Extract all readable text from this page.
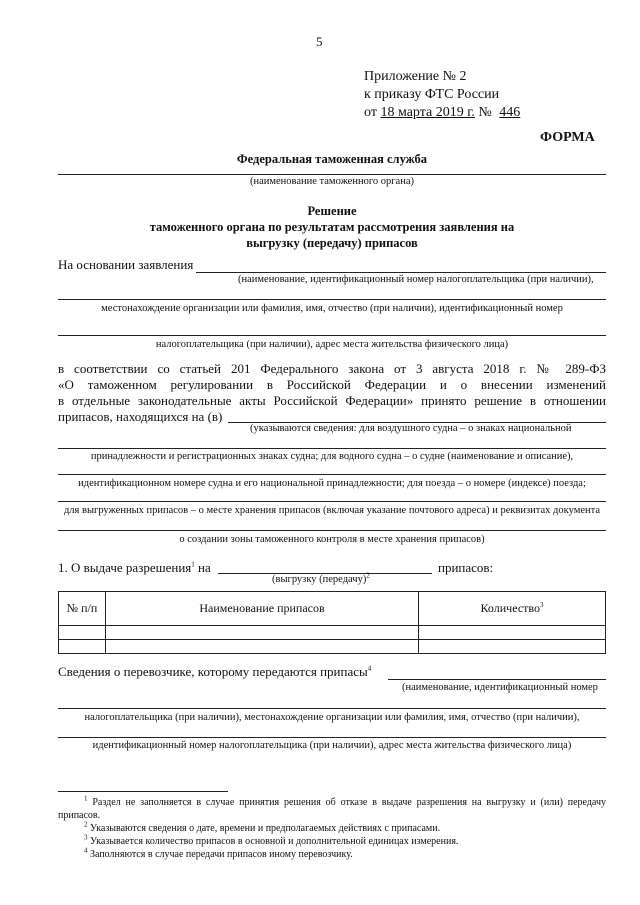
5
Приложение № 2
к приказу ФТС России
от 18 марта 2019 г. № 446
ФОРМА
Федеральная таможенная служба
(наименование таможенного органа)
Решение
таможенного органа по результатам рассмотрения заявления на
выгрузку (передачу) припасов
На основании заявления
(наименование, идентификационный номер налогоплательщика (при наличии),
местонахождение организации или фамилия, имя, отчество (при наличии), идентификационный номер
налогоплательщика (при наличии), адрес места жительства физического лица)
в соответствии со статьей 201 Федерального закона от 3 августа 2018 г. № 289-ФЗ
«О таможенном регулировании в Российской Федерации и о внесении изменений
в отдельные законодательные акты Российской Федерации» принято решение в отношении
припасов, находящихся на (в)
(указываются сведения: для воздушного судна – о знаках национальной
принадлежности и регистрационных знаках судна; для водного судна – о судне (наименование и описание),
идентификационном номере судна и его национальной принадлежности; для поезда – о номере (индексе) поезда;
для выгруженных припасов – о месте хранения припасов (включая указание почтового адреса) и реквизитах документа
о создании зоны таможенного контроля в месте хранения припасов)
1. О выдаче разрешения$^1$ на	припасов:
(выгрузку (передачу)$^2$
№ п/п	Наименование припасов	Количество$^3$

Сведения о перевозчике, которому передаются припасы$^4$
(наименование, идентификационный номер
налогоплательщика (при наличии), местонахождение организации или фамилия, имя, отчество (при наличии),
идентификационный номер налогоплательщика (при наличии), адрес места жительства физического лица)
$^1$ Раздел не заполняется в случае принятия решения об отказе в выдаче разрешения на выгрузку и (или) передачу припасов.
$^2$ Указываются сведения о дате, времени и предполагаемых действиях с припасами.
$^3$ Указывается количество припасов в основной и дополнительной единицах измерения.
$^4$ Заполняются в случае передачи припасов иному перевозчику.
